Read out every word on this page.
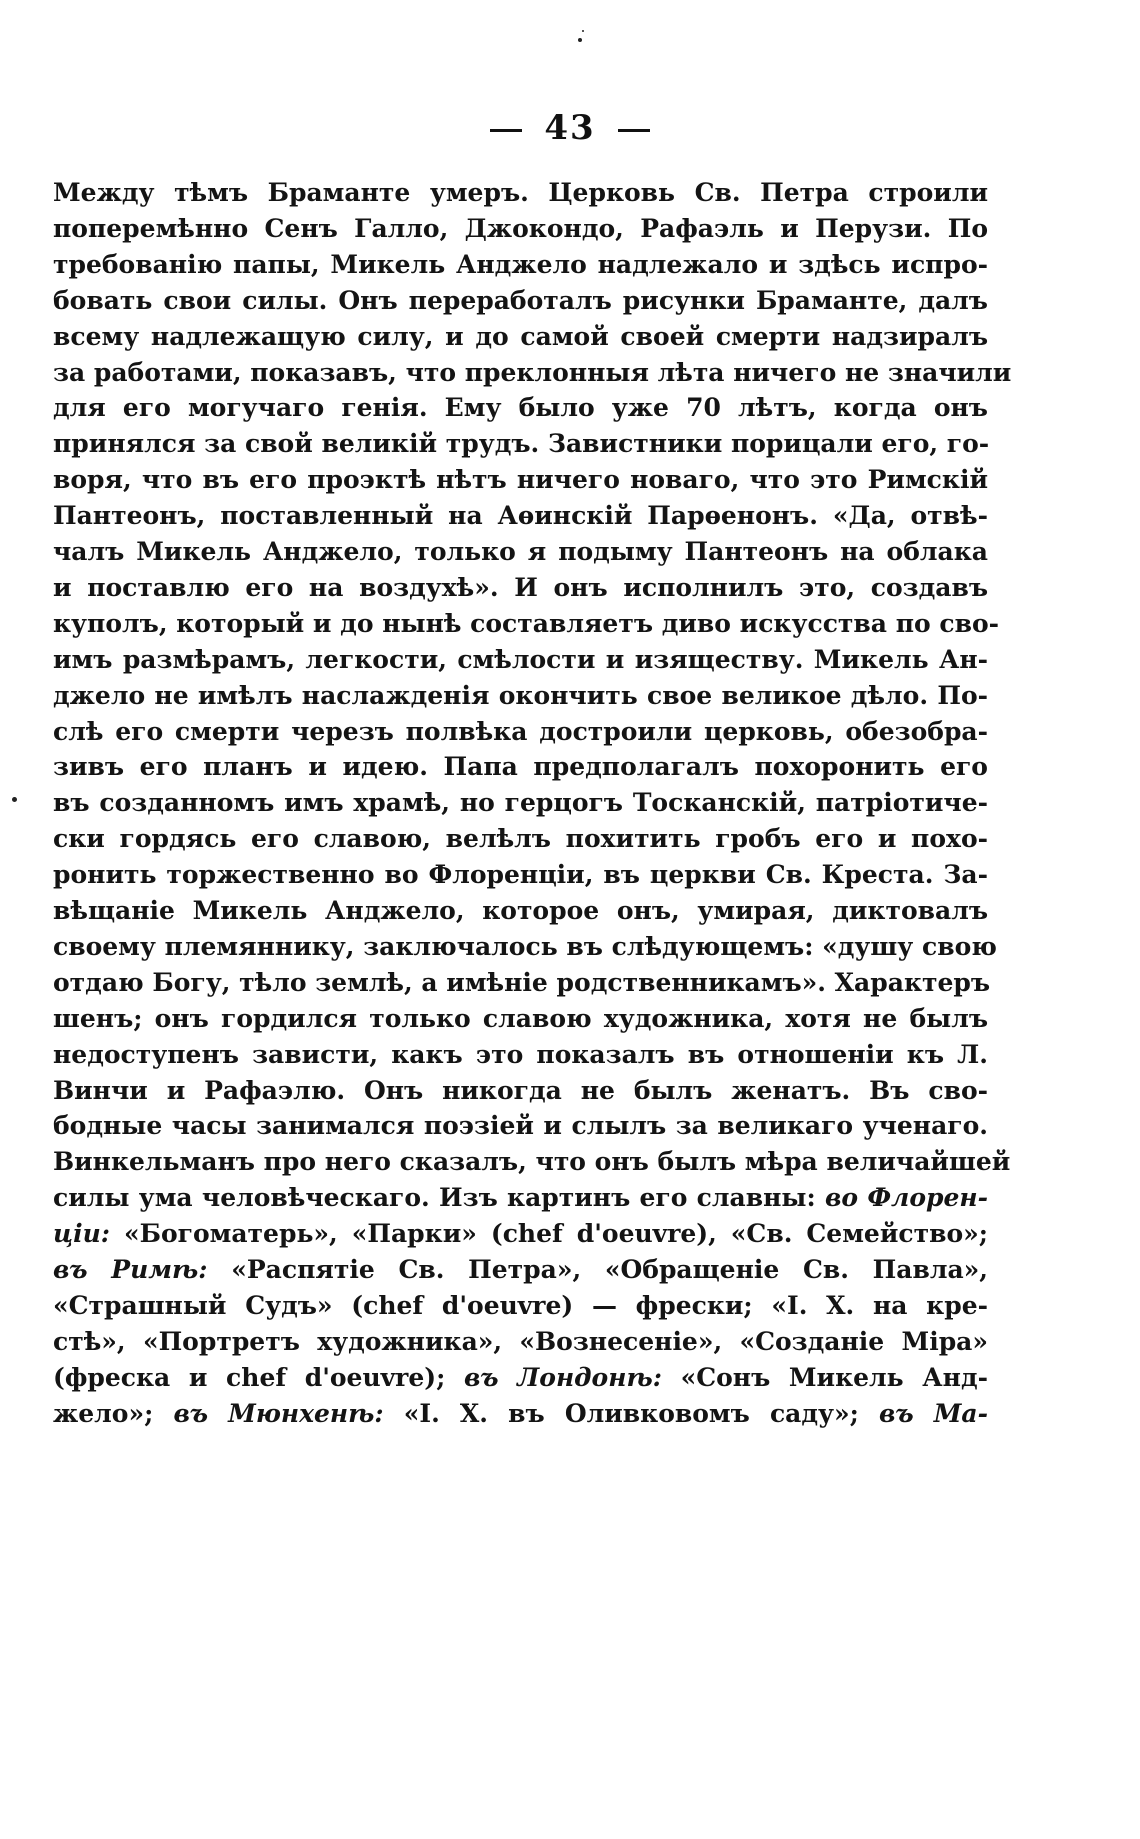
43
Между тѣмъ Браманте умеръ. Церковь Св. Петра строили
поперемѣнно Сенъ Галло, Джокондо, Рафаэль и Перузи. По
требованію папы, Микель Анджело надлежало и здѣсь испро-
бовать свои силы. Онъ переработалъ рисунки Браманте, далъ
всему надлежащую силу, и до самой своей смерти надзиралъ
за работами, показавъ, что преклонныя лѣта ничего не значили
для его могучаго генія. Ему было уже 70 лѣтъ, когда онъ
принялся за свой великій трудъ. Завистники порицали его, го-
воря, что въ его проэктѣ нѣтъ ничего новаго, что это Римскій
Пантеонъ, поставленный на Аѳинскій Парѳенонъ. «Да, отвѣ-
чалъ Микель Анджело, только я подыму Пантеонъ на облака
и поставлю его на воздухѣ». И онъ исполнилъ это, создавъ
куполъ, который и до нынѣ составляетъ диво искусства по сво-
имъ размѣрамъ, легкости, смѣлости и изяществу. Микель Ан-
джело не имѣлъ наслажденія окончить свое великое дѣло. По-
слѣ его смерти черезъ полвѣка достроили церковь, обезобра-
зивъ его планъ и идею. Папа предполагалъ похоронить его
въ созданномъ имъ храмѣ, но герцогъ Тосканскій, патріотиче-
ски гордясь его славою, велѣлъ похитить гробъ его и похо-
ронить торжественно во Флоренціи, въ церкви Св. Креста. За-
вѣщаніе Микель Анджело, которое онъ, умирая, диктовалъ
своему племяннику, заключалось въ слѣдующемъ: «душу свою
отдаю Богу, тѣло землѣ, а имѣніе родственникамъ». Характеръ
шенъ; онъ гордился только славою художника, хотя не былъ
недоступенъ зависти, какъ это показалъ въ отношеніи къ Л.
Винчи и Рафаэлю. Онъ никогда не былъ женатъ. Въ сво-
бодные часы занимался поэзіей и слылъ за великаго ученаго.
Винкельманъ про него сказалъ, что онъ былъ мѣра величайшей
силы ума человѣческаго. Изъ картинъ его славны: во Флорен-
ціи: «Богоматерь», «Парки» (chef d'oeuvre), «Св. Семейство»;
въ Римѣ: «Распятіе Св. Петра», «Обращеніе Св. Павла»,
«Страшный Судъ» (chef d'oeuvre) — фрески; «І. Х. на кре-
стѣ», «Портретъ художника», «Вознесеніе», «Созданіе Міра»
(фреска и chef d'oeuvre); въ Лондонѣ: «Сонъ Микель Анд-
жело»; въ Мюнхенѣ: «І. Х. въ Оливковомъ саду»; въ Ма-
